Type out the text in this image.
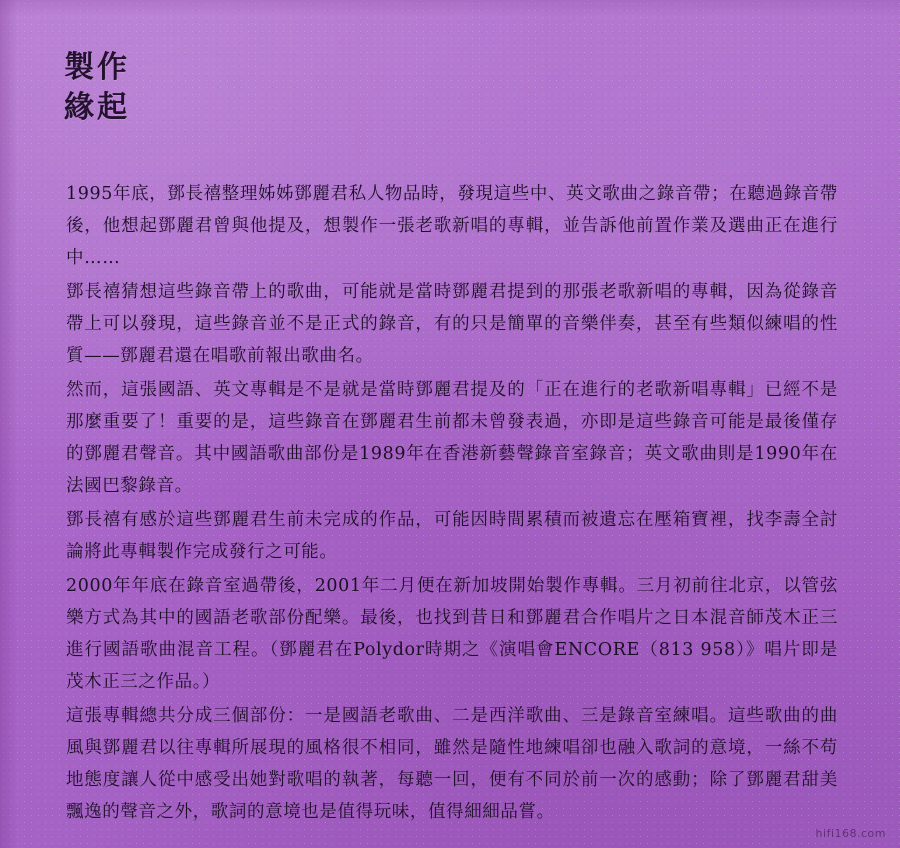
製作
緣起

1995年底，鄧長禧整理姊姊鄧麗君私人物品時，發現這些中、英文歌曲之錄音帶；在聽過錄音帶後，他想起鄧麗君曾與他提及，想製作一張老歌新唱的專輯，並告訴他前置作業及選曲正在進行中……

鄧長禧猜想這些錄音帶上的歌曲，可能就是當時鄧麗君提到的那張老歌新唱的專輯，因為從錄音帶上可以發現，這些錄音並不是正式的錄音，有的只是簡單的音樂伴奏，甚至有些類似練唱的性質——鄧麗君還在唱歌前報出歌曲名。

然而，這張國語、英文專輯是不是就是當時鄧麗君提及的「正在進行的老歌新唱專輯」已經不是那麼重要了！重要的是，這些錄音在鄧麗君生前都未曾發表過，亦即是這些錄音可能是最後僅存的鄧麗君聲音。其中國語歌曲部份是1989年在香港新藝聲錄音室錄音；英文歌曲則是1990年在法國巴黎錄音。

鄧長禧有感於這些鄧麗君生前未完成的作品，可能因時間累積而被遺忘在壓箱寶裡，找李壽全討論將此專輯製作完成發行之可能。

2000年年底在錄音室過帶後，2001年二月便在新加坡開始製作專輯。三月初前往北京，以管弦樂方式為其中的國語老歌部份配樂。最後，也找到昔日和鄧麗君合作唱片之日本混音師茂木正三進行國語歌曲混音工程。（鄧麗君在Polydor時期之《演唱會ENCORE（813 958）》唱片即是茂木正三之作品。）

這張專輯總共分成三個部份：一是國語老歌曲、二是西洋歌曲、三是錄音室練唱。這些歌曲的曲風與鄧麗君以往專輯所展現的風格很不相同，雖然是隨性地練唱卻也融入歌詞的意境，一絲不苟地態度讓人從中感受出她對歌唱的執著，每聽一回，便有不同於前一次的感動；除了鄧麗君甜美飄逸的聲音之外，歌詞的意境也是值得玩味，值得細細品嘗。

hifi168.com
